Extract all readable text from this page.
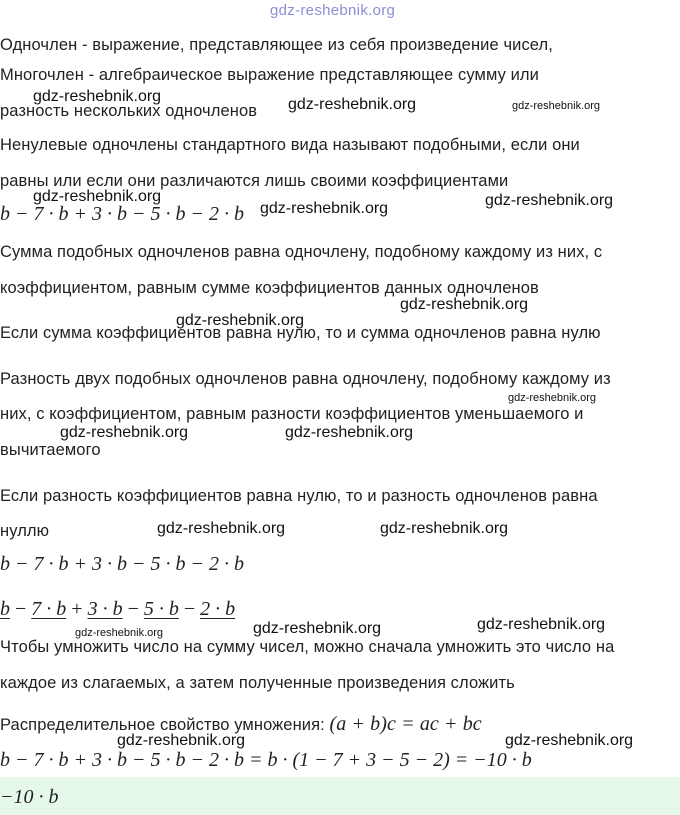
gdz-reshebnik.org
Одночлен - выражение, представляющее из себя произведение чисел,
Многочлен - алгебраическое выражение представляющее сумму или
разность нескольких одночленов
Ненулевые одночлены стандартного вида называют подобными, если они
равны или если они различаются лишь своими коэффициентами
b − 7 · b + 3 · b − 5 · b − 2 · b
Сумма подобных одночленов равна одночлену, подобному каждому из них, с
коэффициентом, равным сумме коэффициентов данных одночленов
Если сумма коэффициентов равна нулю, то и сумма одночленов равна нулю
Разность двух подобных одночленов равна одночлену, подобному каждому из
них, с коэффициентом, равным разности коэффициентов уменьшаемого и
вычитаемого
Если разность коэффициентов равна нулю, то и разность одночленов равна
нуллю
b − 7 · b + 3 · b − 5 · b − 2 · b
b − 7 · b + 3 · b − 5 · b − 2 · b
Чтобы умножить число на сумму чисел, можно сначала умножить это число на
каждое из слагаемых, а затем полученные произведения сложить
Распределительное свойство умножения: (a + b)c = ac + bc
b − 7 · b + 3 · b − 5 · b − 2 · b = b · (1 − 7 + 3 − 5 − 2) = −10 · b
−10 · b
gdz-reshebnik.org	gdz-reshebnik.org	gdz-reshebnik.org
gdz-reshebnik.org
gdz-reshebnik.org	gdz-reshebnik.org
gdz-reshebnik.org
gdz-reshebnik.org
gdz-reshebnik.org
gdz-reshebnik.org	gdz-reshebnik.org
gdz-reshebnik.org	gdz-reshebnik.org
gdz-reshebnik.org
gdz-reshebnik.org	gdz-reshebnik.org
gdz-reshebnik.org	gdz-reshebnik.org
